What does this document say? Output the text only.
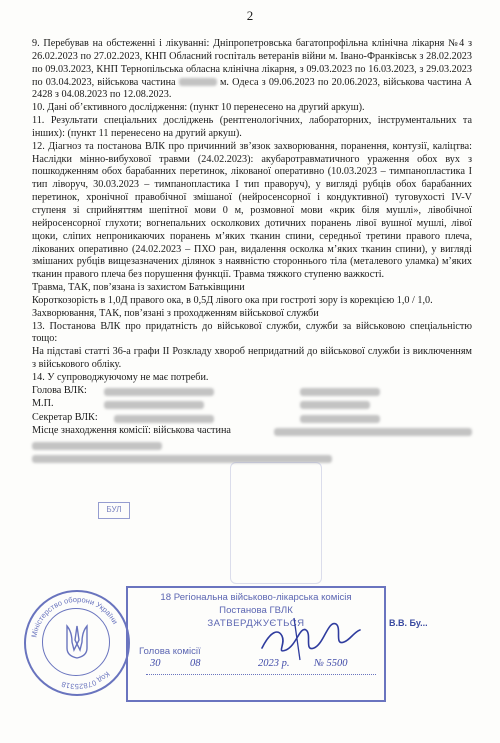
2

9. Перебував на обстеженні і лікуванні: Дніпропетровська багатопрофільна клінічна лікарня №4 з 26.02.2023 по 27.02.2023, КНП Обласний госпіталь ветеранів війни м. Івано-Франківськ з 28.02.2023 по 09.03.2023, КНП Тернопільська обласна клінічна лікарня, з 09.03.2023 по 16.03.2023, з 29.03.2023 по 03.04.2023, військова частина	м. Одеса з 09.06.2023 по 20.06.2023, військова частина А 2428 з 04.08.2023 по 12.08.2023.

10. Дані об’єктивного дослідження: (пункт 10 перенесено на другий аркуш).

11. Результати спеціальних досліджень (рентгенологічних, лабораторних, інструментальних та інших): (пункт 11 перенесено на другий аркуш).

12. Діагноз та постанова ВЛК про причинний зв’язок захворювання, поранення, контузії, каліцтва: Наслідки мінно-вибухової травми (24.02.2023): акубаротравматичного ураження обох вух з пошкодженням обох барабанних перетинок, лікованої оперативно (10.03.2023 – тимпанопластика I тип ліворуч, 30.03.2023 – тимпанопластика I тип праворуч), у вигляді рубців обох барабанних перетинок, хронічної правобічної змішаної (нейросенсорної і кондуктивної) туговухості IV-V ступеня зі сприйняттям шепітної мови 0 м, розмовної мови «крик біля мушлі», лівобічної нейросенсорної глухоти; вогнепальних осколкових дотичних поранень лівої вушної мушлі, лівої щоки, сліпих непроникаючих поранень м’яких тканин спини, середньої третини правого плеча, лікованих оперативно (24.02.2023 – ПХО ран, видалення осколка м’яких тканин спини), у вигляді змішаних рубців вищезазначених ділянок з наявністю стороннього тіла (металевого уламка) м’яких тканин правого плеча без порушення функції. Травма тяжкого ступеню важкості.

Травма, ТАК, пов’язана із захистом Батьківщини

Короткозорість в 1,0Д правого ока, в 0,5Д лівого ока при гостроті зору із корекцією 1,0 / 1,0.

Захворювання, ТАК, пов’язані з проходженням військової служби

13. Постанова ВЛК про придатність до військової служби, служби за військовою спеціальністю тощо:

На підставі статті 36-а графи II Розкладу хвороб непридатний до військової служби із виключенням з військового обліку.

14. У супроводжуючому не має потреби.

Голова ВЛК:
М.П.
Секретар ВЛК:
Місце знаходження комісії: військова частина
БУЛ
Міністерство оборони України
Код 07825318
18 Регіональна військово-лікарська комісія
Постанова ГВЛК
ЗАТВЕРДЖУЄТЬСЯ
Голова комісії
30	08	2023 р. № 5500
В.В. Бу...
